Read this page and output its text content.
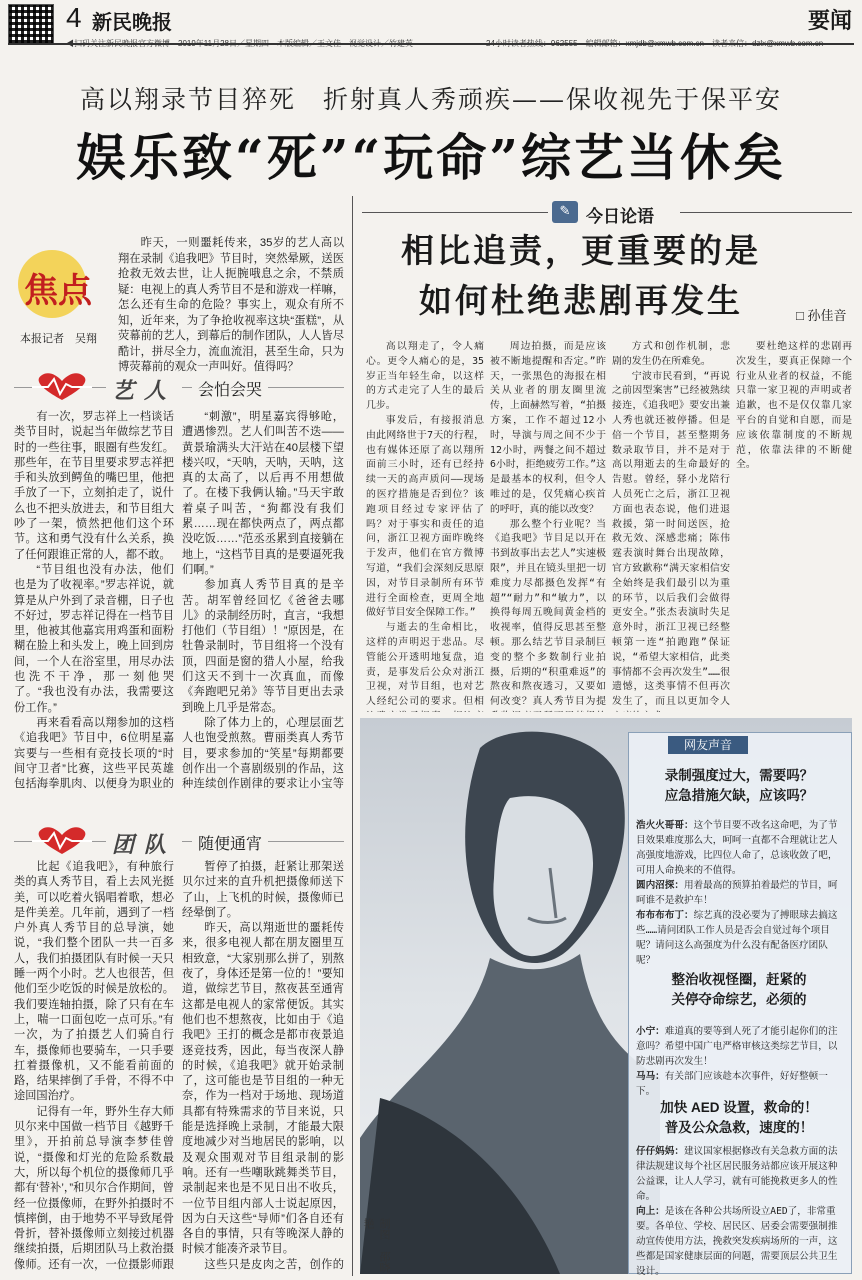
4 新民晚报	要闻
高以翔录节目猝死　折射真人秀顽疾——保收视先于保平安
娱乐致“死”“玩命”综艺当休矣
焦点
本报记者　吴翔
昨天，一则噩耗传来，35岁的艺人高以翔在录制《追我吧》节目时，突然晕厥，送医抢救无效去世，让人扼腕哦息之余，不禁质疑：电视上的真人秀节目不是和游戏一样嘛，怎么还有生命的危险？事实上，观众有所不知，近年来，为了争抢收视率这块“蛋糕”，从荧幕前的艺人，到幕后的制作团队，人人皆尽酷计，拼尽全力，流血流泪，甚至生命，只为博荧幕前的观众一声叫好。值得吗？
艺人	会怕会哭

有一次，罗志祥上一档谈话类节目时，说起当年做综艺节目时的一些往事，眼圈有些发红。那些年，在节目里要求罗志祥把手和头放到鳄鱼的嘴巴里，他把手放了一下，立刻拍走了，说什么也不把头放进去，和节目组大吵了一架，愤然把他们这个环节。这和勇气没有什么关系，换了任何跟谁正常的人，都不敢。

“节目组也没有办法，他们也是为了收视率。”罗志祥说，就算是从户外到了录音棚，日子也不好过，罗志祥记得在一档节目里，他被其他嘉宾用鸡蛋和面粉糊在脸上和头发上，晚上回到房间，一个人在浴室里，用尽办法也洗不干净，那一刻他哭了。“我也没有办法，我需要这份工作。”

再来看看高以翔参加的这档《追我吧》节目中，6位明星嘉宾要与一些相有竞技长项的“时间守卫者”比赛，这些平民英雄包括海拳肌肉、以便身为职业的

“刺激”，明星嘉宾得够呛，遭遇惨烈。艺人们叫苦不迭——黄景瑜满头大汗站在40层楼下望楼兴叹，“天呐，天呐，天呐，这真的太高了，以后再不用想做了。在楼下我俩认输。”马天宇敢着桌子叫苦，“狗都没有我们累……现在都快两点了，两点都没吃饭……”范丞丞累到直接躺在地上，“这档节目真的是要逼死我们啊。”

参加真人秀节目真的是辛苦。胡军曾经回忆《爸爸去哪儿》的录制经历时，直言，“我想打他们（节目组）！”原因是，在牡鲁录制时，节目组将一个没有顶，四面是窗的猎人小屋，给我们这天不到十一次真血，而像《奔跑吧兄弟》等节目更出去录到晚上几乎是常态。

除了体力上的，心理层面艺人也饱受煎熬。曹丽类真人秀节目，要求参加的“笑星”每期都要创作出一个喜剧级别的作品，这种连续创作剧律的要求让小宝等

团队	随便通宵

比起《追我吧》，有种旅行类的真人秀节目，看上去风光挺美，可以吃着火锅唱着歌，想必是件美差。几年前，遇到了一档户外真人秀节目的总导演，她说，“我们整个团队一共一百多人，我们拍摄团队有时候一天只睡一两个小时。艺人也很苦，但他们至少吃饭的时候是放松的。我们要连轴拍摄，除了只有在车上，喘一口面包吃一点可乐。”有一次，为了拍摄艺人们骑自行车，摄像师也要骑车，一只手要扛着摄像机，又不能看前面的路，结果摔倒了手骨，不得不中途回国治疗。

记得有一年，野外生存大师贝尔来中国做一档节目《越野千里》，开拍前总导演李梦佳曾说，“摄像和灯光的危险系数最大，所以每个机位的摄像师几乎都有‘替补’，”和贝尔合作期间，曾经一位摄像师，在野外拍摄时不慎摔倒，由于地势不平导致尾骨骨折，替补摄像师立刻接过机器继续拍摄，后期团队马上救治摄像师。还有一次，一位摄影师跟

暂停了拍摄，赶紧让那架送贝尔过来的直升机把摄像师送下了山，上飞机的时候，摄像师已经晕倒了。

昨天，高以翔逝世的噩耗传来，很多电视人都在朋友圈里互相致意，“大家别那么拼了，别熬夜了，身体还是第一位的！”要知道，做综艺节目，熬夜甚至通宵这都是电视人的家常便饭。其实他们也不想熬夜，比如由于《追我吧》王打的概念是都市夜景追逐竞技秀，因此，每当夜深人静的时候，《追我吧》就开始录制了，这可能也是节目组的一种无奈，作为一档对于场地、现场道具都有特殊需求的节目来说，只能是选择晚上录制，才能最大限度地减少对当地居民的影响，以及观众围观对节目组录制的影响。还有一些嘲耿跳舞类节目，录制起来也是不见日出不收兵，一位节目组内部人士说起原因，因为白天这些“导师”们各自还有各自的事情，只有等晚深人静的时候才能凑齐录节目。

这些只是皮肉之苦，创作的

✎ 今日论语
相比追责，更重要的是
如何杜绝悲剧再发生	□ 孙佳音

高以翔走了，令人痛心。更令人痛心的是，35岁正当年轻生命，以这样的方式走完了人生的最后几步。

事发后，有接报消息由此网络世于7天的行程，也有媒体还原了高以翔所面前三小时，还有已经持续一天的高声质问——现场的医疗措施是否到位？该跑项目经过专家评估了吗？对于事实和责任的追问，浙江卫视方面昨晚终于发声，他们在官方微博写道，“我们会深刻反思原因，对节目录制所有环节进行全面检查，更周全地做好节目安全保障工作。”

与逝去的生命相比，这样的声明迟于悲品。尽管能公开透明地复盘，追责，是事发后公众对浙江卫视，对节目组，也对艺人经纪公司的要求。但相

周边拍摄，而是应该被不断地提醒和否定。”昨天，一张黑色的海报在相关从业者的朋友圈里流传，上面赫然写着，“拍摄方案，工作不超过12小时，导演与周之间不少于12小时，两餐之间不超过6小时，拒绝疲劳工作。”这是最基本的权利，但令人唯过的是，仅凭痛心疾首的呼吁，真的能以改变？

那么整个行业呢？当《追我吧》节目足以开在书到故事出去艺人”实速极限”，并且在镜头里把一切难度力尽都摄色发挥“有超”“耐力”和“敏力”，以换得每周五晚间黄金档的收视率，值得反思甚至整顿。那么结艺节目录制巨变的整个多数制行业拍摄，后期的“积重难返”的熬夜和熬夜透习，又要如何改变？真人秀节目为提

方式和创作机制，悲剧的发生仍在所难免。

宁波市民看到，“再说之前因型案害”已经被熟续接连，《追我吧》要安出兼人秀也就还被停播。但是倍一个节目，甚至整期务数录取节目，并不是对于高以翔逝去的生命最好的告慰。曾经，驿小龙陪行人员死亡之后，浙江卫视方面也表态说，他们进退救援，第一时间送医，抢救无效、深感悲痛；陈伟霆表演时舞台出现故障，官方致歉称“满天家相信安全始终是我们最引以为重的环节，以后我们会做得更安全。”张杰表演时失足意外时，浙江卫视已经整顿第一连“拍跑跑”保证说，“希望大家相信，此类事情都不会再次发生”……很遗憾，这类事情不但再次发生了，而且以更加令人

要杜绝这样的悲剧再次发生，要真正保障一个行业从业者的权益，不能只靠一家卫视的声明或者追歉，也不是仅仅靠几家平台的自觉和自愿，而是应该依靠制度的不断规范，依靠法律的不断健全。

制图　邵晓艳
网友声音
录制强度过大，需要吗？
应急措施欠缺，应该吗？

浩火火哥哥：这个节目要不改名这命吧，为了节目效果难度那么大，呵呵一直都不合理就让艺人高强度地游戏，比四位人命了，总该收敛了吧，可用人命换来的不值得。

圆内沼探：用着最高的预算拍着最烂的节目，呵呵谁不是救护车！

布布布布丁：综艺真的没必要为了搏眼球去搞这些……请问团队工作人员是否会自觉过每个项目呢？请问这么高强度为什么没有配备医疗团队呢？

整治收视怪圈，赶紧的
关停夺命综艺，必须的

小宁：难道真的要等到人死了才能引起你们的注意吗？希望中国广电严格审核这类综艺节目，以防悲剧再次发生！

马马：有关部门应该趁本次事件，好好整顿一下。

加快 AED 设置，救命的！
普及公众急救，速度的！

仔仔妈妈：建议国家根据修改有关急救方面的法律法规建议每个社区居民服务站都应该开展这种公益课，让人人学习，就有可能挽救更多人的性命。

向上：是该在各种公共场所设立AED了，非常重要。各单位、学校、居民区、居委会需要强制推动宣传使用方法，挽救突发疾病场所的一声，这些都是国家健康层面的问题，需要顶层公共卫生设计。
